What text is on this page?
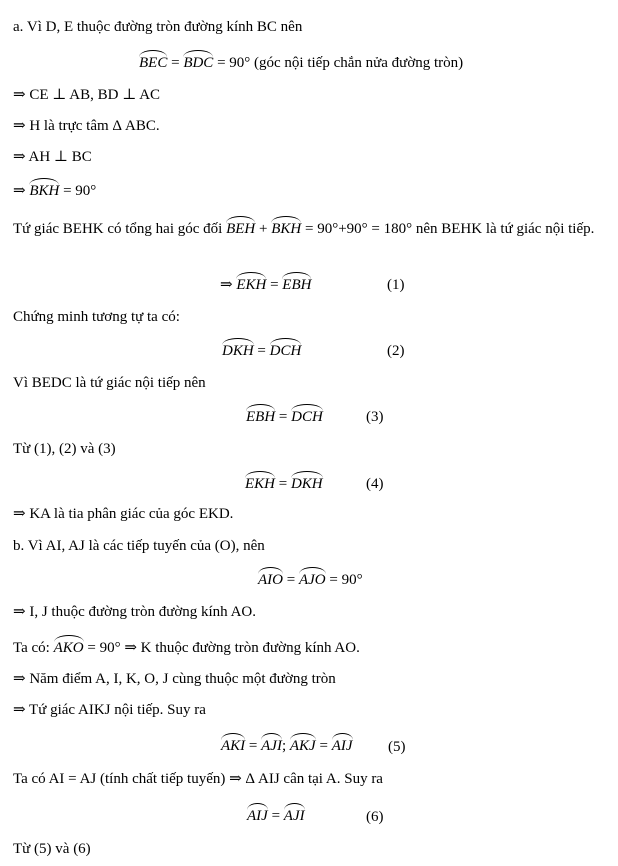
a. Vì D, E thuộc đường tròn đường kính BC nên
BEC = BDC = 90° (góc nội tiếp chắn nửa đường tròn)
⇒ CE ⊥ AB, BD ⊥ AC
⇒ H là trực tâm Δ ABC.
⇒ AH ⊥ BC
⇒ BKH = 90°
Tứ giác BEHK có tổng hai góc đối BEH + BKH = 90°+90° = 180° nên BEHK là tứ giác nội tiếp.
⇒ EKH = EBH	(1)
Chứng minh tương tự ta có:
DKH = DCH	(2)
Vì BEDC là tứ giác nội tiếp nên
EBH = DCH	(3)
Từ (1), (2) và (3)
EKH = DKH	(4)
⇒ KA là tia phân giác của góc EKD.
b. Vì AI, AJ là các tiếp tuyến của (O), nên
AIO = AJO = 90°
⇒ I, J thuộc đường tròn đường kính AO.
Ta có: AKO = 90° ⇒ K thuộc đường tròn đường kính AO.
⇒ Năm điểm A, I, K, O, J cùng thuộc một đường tròn
⇒ Tứ giác AIKJ nội tiếp. Suy ra
AKI = AJI; AKJ = AIJ (5)
Ta có AI = AJ (tính chất tiếp tuyến) ⇒ Δ AIJ cân tại A. Suy ra
AIJ = AJI	(6)
Từ (5) và (6)
